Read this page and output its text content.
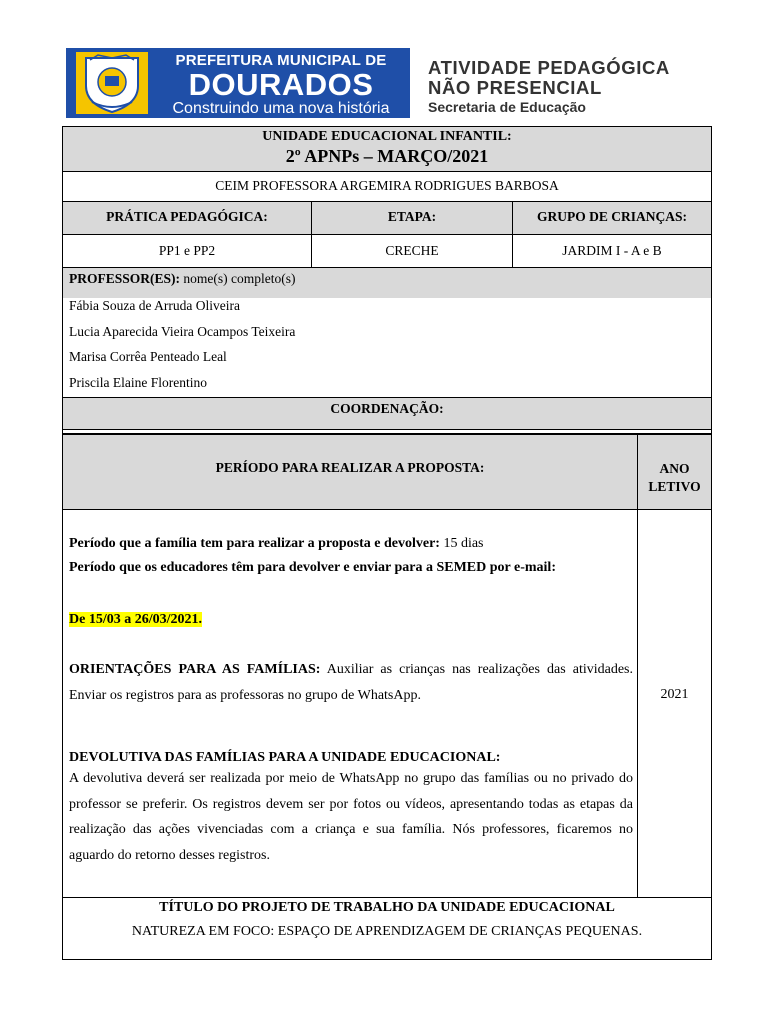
PREFEITURA MUNICIPAL DE
DOURADOS
Construindo uma nova história
ATIVIDADE PEDAGÓGICA
NÃO PRESENCIAL
Secretaria de Educação
UNIDADE EDUCACIONAL INFANTIL:
2º APNPs – MARÇO/2021
CEIM PROFESSORA ARGEMIRA RODRIGUES BARBOSA
PRÁTICA PEDAGÓGICA:	ETAPA:	GRUPO DE CRIANÇAS:
PP1 e PP2	CRECHE	JARDIM I - A e B
PROFESSOR(ES): nome(s) completo(s)
Fábia Souza de Arruda Oliveira
Lucia Aparecida Vieira Ocampos Teixeira
Marisa Corrêa Penteado Leal
Priscila Elaine Florentino
COORDENAÇÃO:
PERÍODO PARA REALIZAR A PROPOSTA:	ANO
LETIVO
Período que a família tem para realizar a proposta e devolver: 15 dias
Período que os educadores têm para devolver e enviar para a SEMED por e-mail:
De 15/03 a 26/03/2021.
ORIENTAÇÕES PARA AS FAMÍLIAS: Auxiliar as crianças nas realizações das atividades. Enviar os registros para as professoras no grupo de WhatsApp.
DEVOLUTIVA DAS FAMÍLIAS PARA A UNIDADE EDUCACIONAL:
A devolutiva deverá ser realizada por meio de WhatsApp no grupo das famílias ou no privado do professor se preferir. Os registros devem ser por fotos ou vídeos, apresentando todas as etapas da realização das ações vivenciadas com a criança e sua família. Nós professores, ficaremos no aguardo do retorno desses registros.
2021
TÍTULO DO PROJETO DE TRABALHO DA UNIDADE EDUCACIONAL
NATUREZA EM FOCO: ESPAÇO DE APRENDIZAGEM DE CRIANÇAS PEQUENAS.
